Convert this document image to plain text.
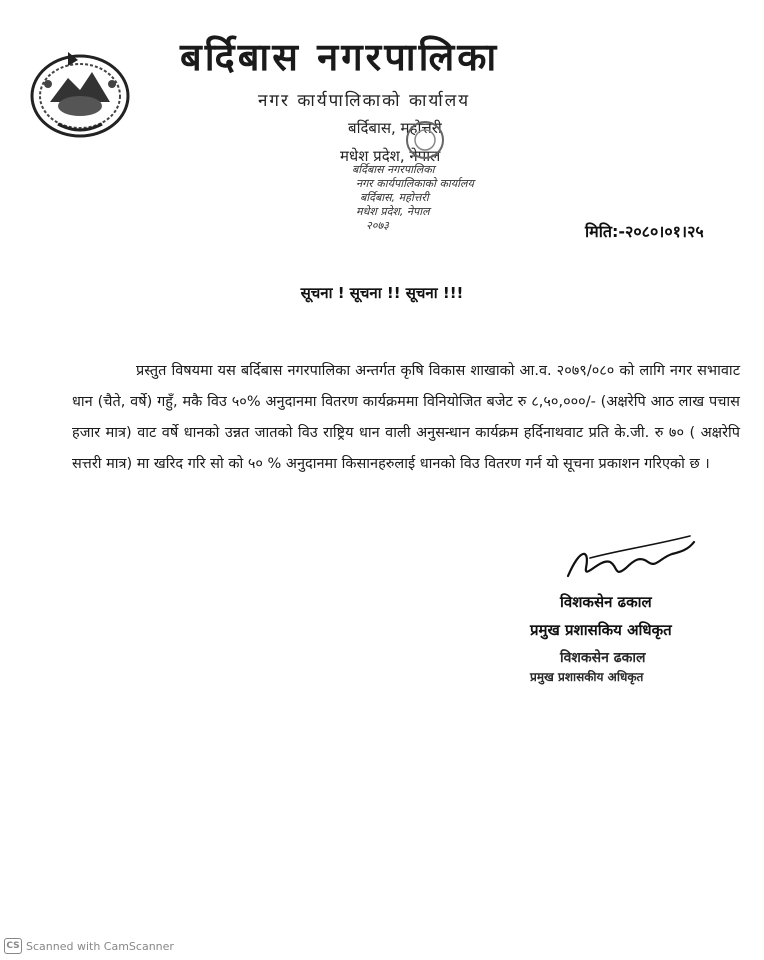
बर्दिबास नगरपालिका
नगर कार्यपालिकाको कार्यालय
बर्दिबास, महोत्तरी
मधेश प्रदेश, नेपाल
बर्दिबास नगरपालिका
नगर कार्यपालिकाको कार्यालय
बर्दिबास, महोत्तरी
मधेश प्रदेश, नेपाल
२०७३	मिति:-२०८०।०१।२५
सूचना ! सूचना !! सूचना !!!
प्रस्तुत विषयमा यस बर्दिबास नगरपालिका अन्तर्गत कृषि विकास शाखाको आ.व. २०७९/०८० को लागि नगर सभावाट धान (चैते, वर्षे) गहुँ, मकै विउ ५०% अनुदानमा वितरण कार्यक्रममा विनियोजित बजेट रु ८,५०,०००/- (अक्षरेपि आठ लाख पचास हजार मात्र) वाट वर्षे धानको उन्नत जातको विउ राष्ट्रिय धान वाली अनुसन्धान कार्यक्रम हर्दिनाथवाट प्रति के.जी. रु ७० ( अक्षरेपि सत्तरी मात्र) मा खरिद गरि सो को ५० % अनुदानमा किसानहरुलाई धानको विउ वितरण गर्न यो सूचना प्रकाशन गरिएको छ ।
विशकसेन ढकाल
प्रमुख प्रशासकिय अधिकृत
विशकसेन ढकाल
प्रमुख प्रशासकीय अधिकृत
CS Scanned with CamScanner
